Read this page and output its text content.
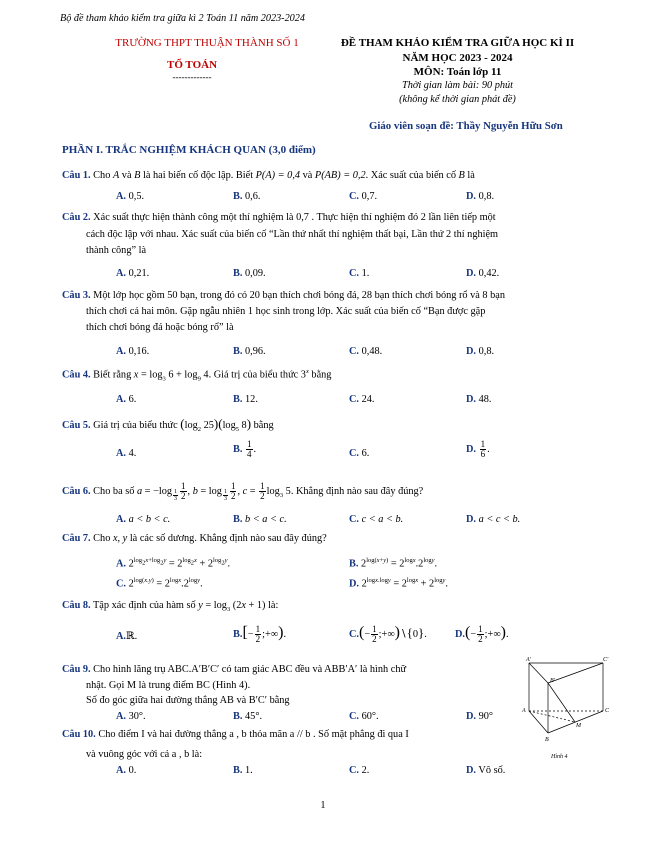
Bộ đề tham khảo kiểm tra giữa kì 2 Toán 11 năm 2023-2024
TRƯỜNG THPT THUẬN THÀNH SỐ 1
TỔ TOÁN
-------------
ĐỀ THAM KHẢO KIỂM TRA GIỮA HỌC KÌ II
NĂM HỌC 2023 - 2024
MÔN: Toán lớp 11
Thời gian làm bài: 90 phút
(không kể thời gian phát đề)
Giáo viên soạn đề: Thầy Nguyễn Hữu Sơn
PHẦN I. TRẮC NGHIỆM KHÁCH QUAN (3,0 điểm)
Câu 1. Cho A và B là hai biến cố độc lập. Biết P(A) = 0,4 và P(AB) = 0,2. Xác suất của biến cố B là
A. 0,5.	B. 0,6.	C. 0,7.	D. 0,8.
Câu 2. Xác suất thực hiện thành công một thí nghiệm là 0,7 . Thực hiện thí nghiệm đó 2 lần liên tiếp một
cách độc lập với nhau. Xác suất của biến cố “Lần thứ nhất thí nghiệm thất bại, Lần thứ 2 thí nghiệm
thành công” là
A. 0,21.	B. 0,09.	C. 1.	D. 0,42.
Câu 3. Một lớp học gồm 50 bạn, trong đó có 20 bạn thích chơi bóng đá, 28 bạn thích chơi bóng rổ và 8 bạn
thích chơi cả hai môn. Gặp ngẫu nhiên 1 học sinh trong lớp. Xác suất của biến cố “Bạn được gặp
thích chơi bóng đá hoặc bóng rổ” là
A. 0,16.	B. 0,96.	C. 0,48.	D. 0,8.
Câu 4. Biết rằng $x = \log_3 6 + \log_9 4$. Giá trị của biểu thức 3$^x$ bằng
A. 6.	B. 12.	C. 24.	D. 48.
Câu 5. Giá trị của biểu thức ($\log_2$ $25)(\log_5$ 8) bằng
A. 4.	B. $\frac{1}{4}$ .	C. 6.	D. $\frac{1}{6}$ .
Câu 6. Cho ba số a = −log $_{\frac{1}{3}} \frac{1}{2}$ , $b = \log _{\frac{1}{3}} \frac{1}{2}$ , $c = \frac{1}{2} \log_3 5$. Khẳng định nào sau đây đúng?
A. a < b < c.	B. b < a < c.	C. c < a < b.	D. a < c < b.
Câu 7. Cho x, y là các số dương. Khẳng định nào sau đây đúng?
A. $2^{log_2x+log_2y} = 2^{log_2x} + 2^{log_2y}$.	B. $2^{log(x+y)} = 2^{logx}.2^{logy}$.
C. $2^{log(x.y)} = 2^{logx}.2^{logy}$.	D. $2^{logx.logy} = 2^{logx} + 2^{logy}$.
Câu 8. Tập xác định của hàm số $y = \log_3 (2x + 1)$ là:
A.ℝ.	$B.[- \frac{1}{2}$ ;+∞).	$C.(- \frac{1}{2}$ ;+∞)∖{0}.	$D.(- \frac{1}{2}$ ;+∞).
Câu 9. Cho hình lăng trụ ABC.A′B′C′ có tam giác ABC đều và ABB′A′ là hình chữ
nhật. Gọi M là trung điểm BC (Hình 4).
Số đo góc giữa hai đường thẳng AB và B′C′ bằng
A. 30°.	B. 45°.	C. 60°.	D. 90°
A'	C'
B'
A	C
B
M
Hình 4
Câu 10. Cho điểm I và hai đường thẳng a , b thỏa mãn a // b . Số mặt phẳng đi qua I
và vuông góc với cả a , b là:
A. 0.	B. 1.	C. 2.	D. Vô số.
1
